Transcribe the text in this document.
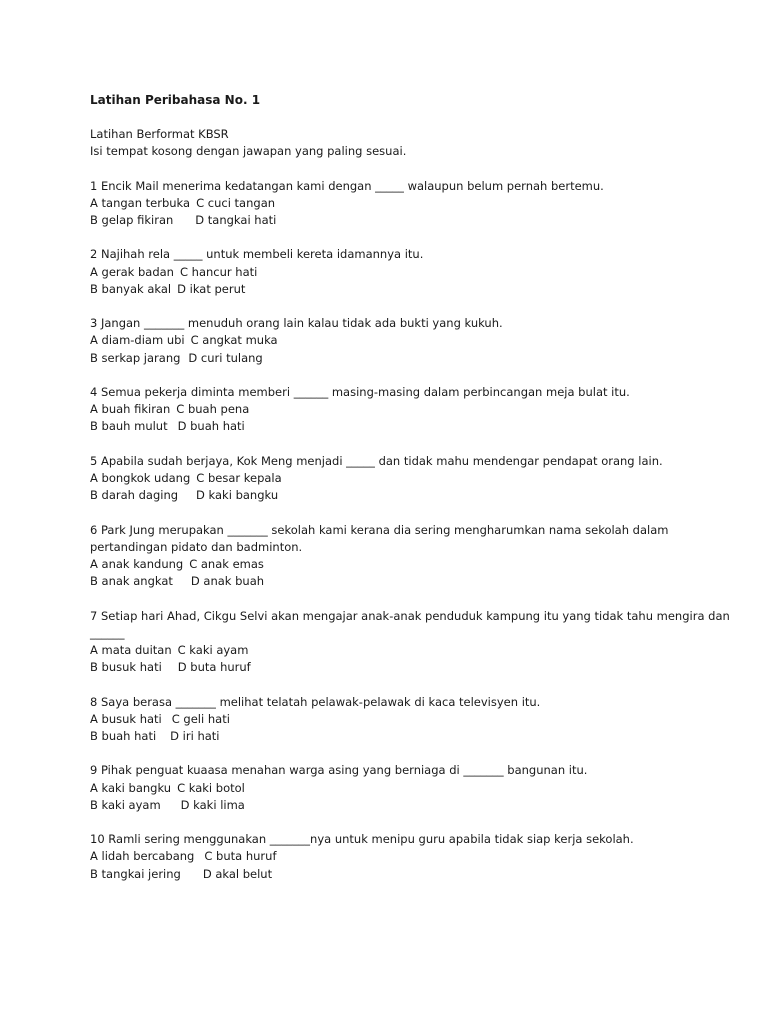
Latihan Peribahasa No. 1
Latihan Berformat KBSR
Isi tempat kosong dengan jawapan yang paling sesuai.
1 Encik Mail menerima kedatangan kami dengan _____ walaupun belum pernah bertemu.
A tangan terbuka C cuci tangan
B gelap fikiran D tangkai hati
2 Najihah rela _____ untuk membeli kereta idamannya itu.
A gerak badan C hancur hati
B banyak akal D ikat perut
3 Jangan _______ menuduh orang lain kalau tidak ada bukti yang kukuh.
A diam-diam ubi C angkat muka
B serkap jarang D curi tulang
4 Semua pekerja diminta memberi ______ masing-masing dalam perbincangan meja bulat itu.
A buah fikiran C buah pena
B bauh mulut D buah hati
5 Apabila sudah berjaya, Kok Meng menjadi _____ dan tidak mahu mendengar pendapat orang lain.
A bongkok udang C besar kepala
B darah daging D kaki bangku
6 Park Jung merupakan _______ sekolah kami kerana dia sering mengharumkan nama sekolah dalam pertandingan pidato dan badminton.
A anak kandung C anak emas
B anak angkat D anak buah
7 Setiap hari Ahad, Cikgu Selvi akan mengajar anak-anak penduduk kampung itu yang tidak tahu mengira dan ______
A mata duitan C kaki ayam
B busuk hati D buta huruf
8 Saya berasa _______ melihat telatah pelawak-pelawak di kaca televisyen itu.
A busuk hati C geli hati
B buah hati D iri hati
9 Pihak penguat kuaasa menahan warga asing yang berniaga di _______ bangunan itu.
A kaki bangku C kaki botol
B kaki ayam D kaki lima
10 Ramli sering menggunakan _______nya untuk menipu guru apabila tidak siap kerja sekolah.
A lidah bercabang C buta huruf
B tangkai jering D akal belut
